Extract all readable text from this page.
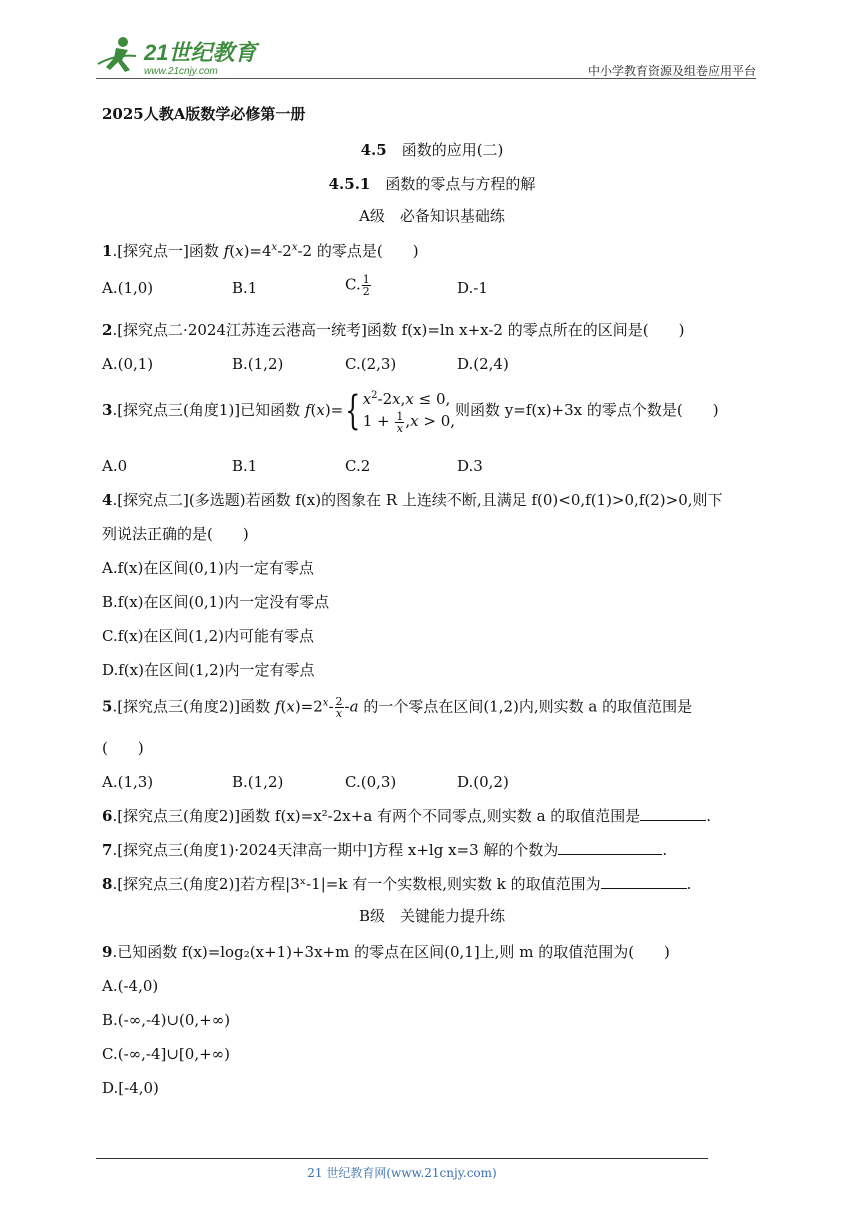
21世纪教育
www.21cnjy.com	中小学教育资源及组卷应用平台
2025人教A版数学必修第一册
4.5　 函数的应用(二)
4.5.1　 函数的零点与方程的解
A级　必备知识基础练
1.[探究点一]函数 $f(x)=4^x-2^x-2$ 的零点是(　　)
A.(1,0)	B.1	C. $\frac{1}{2}$	D.-1
2.[探究点二·2024江苏连云港高一统考]函数 f(x)=ln x+x-2 的零点所在的区间是(　　)
A.(0,1)	B.(1,2)	C.(2,3)	D.(2,4)
3.[探究点三(角度1)]已知函数 f(x)={ $x^2-2x,x \le 0$,
$1 + \frac{1}{x} ,x > 0$,
则函数 y=f(x)+3x 的零点个数是(　　)
A.0	B.1	C.2	D.3
4.[探究点二](多选题)若函数 f(x)的图象在 R 上连续不断,且满足 f(0)<0,f(1)>0,f(2)>0,则下
列说法正确的是(　　)
A.f(x)在区间(0,1)内一定有零点
B.f(x)在区间(0,1)内一定没有零点
C.f(x)在区间(1,2)内可能有零点
D.f(x)在区间(1,2)内一定有零点
5.[探究点三(角度2)]函数 $f(x)=2^x- \frac{2}{x} -a$ 的一个零点在区间(1,2)内,则实数 a 的取值范围是
(　　)
A.(1,3)	B.(1,2)	C.(0,3)	D.(0,2)
6.[探究点三(角度2)]函数 f(x)=x²-2x+a 有两个不同零点,则实数 a 的取值范围是	.
7.[探究点三(角度1)·2024天津高一期中]方程 x+lg x=3 解的个数为	.
8.[探究点三(角度2)]若方程|3ˣ-1|=k 有一个实数根,则实数 k 的取值范围为	.
B级　关键能力提升练
9.已知函数 f(x)=log₂(x+1)+3x+m 的零点在区间(0,1]上,则 m 的取值范围为(　　)
A.(-4,0)
B.(-∞,-4)∪(0,+∞)
C.(-∞,-4]∪[0,+∞)
D.[-4,0)
21 世纪教育网(www.21cnjy.com)
